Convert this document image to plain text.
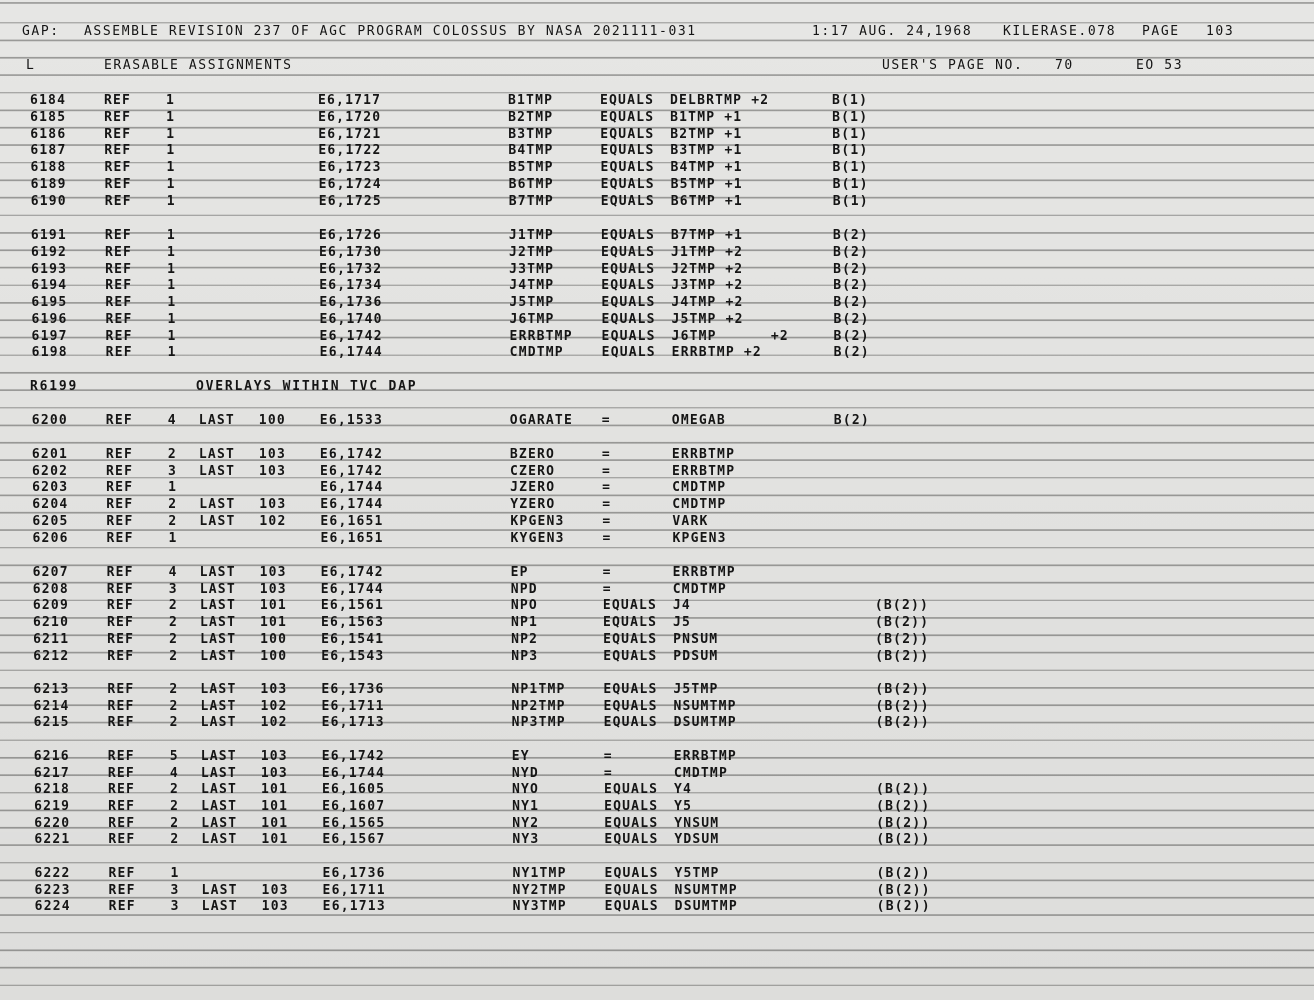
GAP:

ASSEMBLE REVISION 237 OF AGC PROGRAM COLOSSUS BY NASA 2021111-031

	1:17 AUG. 24,1968

KILERASE.078

PAGE

103

L

	ERASABLE ASSIGNMENTS

	USER'S PAGE NO.

70

	EO 53

R6199

	OVERLAYS WITHIN TVC DAP

6184	REF	1	E6,1717	B1TMP	EQUALS DELBRTMP +2	B(1)
6185	REF	1	E6,1720	B2TMP	EQUALS B1TMP +1	B(1)
6186	REF	1	E6,1721	B3TMP	EQUALS B2TMP +1	B(1)
6187	REF	1	E6,1722	B4TMP	EQUALS B3TMP +1	B(1)
6188	REF	1	E6,1723	B5TMP	EQUALS B4TMP +1	B(1)
6189	REF	1	E6,1724	B6TMP	EQUALS B5TMP +1	B(1)
6190	REF	1	E6,1725	B7TMP	EQUALS B6TMP +1	B(1)
6191	REF	1	E6,1726	J1TMP	EQUALS B7TMP +1	B(2)
6192	REF	1	E6,1730	J2TMP	EQUALS J1TMP +2	B(2)
6193	REF	1	E6,1732	J3TMP	EQUALS J2TMP +2	B(2)
6194	REF	1	E6,1734	J4TMP	EQUALS J3TMP +2	B(2)
6195	REF	1	E6,1736	J5TMP	EQUALS J4TMP +2	B(2)
6196	REF	1	E6,1740	J6TMP	EQUALS J5TMP +2	B(2)
6197	REF	1	E6,1742	ERRBTMP EQUALS J6TMP      +2	B(2)
6198	REF	1	E6,1744	CMDTMP	EQUALS ERRBTMP +2	B(2)
6200	REF	4 LAST 100	E6,1533	OGARATE =	OMEGAB	B(2)
6201	REF	2 LAST 103	E6,1742	BZERO	=	ERRBTMP
6202	REF	3 LAST 103	E6,1742	CZERO	=	ERRBTMP
6203	REF	1	E6,1744	JZERO	=	CMDTMP
6204	REF	2 LAST 103	E6,1744	YZERO	=	CMDTMP
6205	REF	2 LAST 102	E6,1651	KPGEN3	=	VARK
6206	REF	1	E6,1651	KYGEN3	=	KPGEN3
6207	REF	4 LAST 103	E6,1742	EP	=	ERRBTMP
6208	REF	3 LAST 103	E6,1744	NPD	=	CMDTMP
6209	REF	2 LAST 101	E6,1561	NPO	EQUALS J4	(B(2))
6210	REF	2 LAST 101	E6,1563	NP1	EQUALS J5	(B(2))
6211	REF	2 LAST 100	E6,1541	NP2	EQUALS PNSUM	(B(2))
6212	REF	2 LAST 100	E6,1543	NP3	EQUALS PDSUM	(B(2))
6213	REF	2 LAST 103	E6,1736	NP1TMP	EQUALS J5TMP	(B(2))
6214	REF	2 LAST 102	E6,1711	NP2TMP	EQUALS NSUMTMP	(B(2))
6215	REF	2 LAST 102	E6,1713	NP3TMP	EQUALS DSUMTMP	(B(2))
6216	REF	5 LAST 103	E6,1742	EY	=	ERRBTMP
6217	REF	4 LAST 103	E6,1744	NYD	=	CMDTMP
6218	REF	2 LAST 101	E6,1605	NYO	EQUALS Y4	(B(2))
6219	REF	2 LAST 101	E6,1607	NY1	EQUALS Y5	(B(2))
6220	REF	2 LAST 101	E6,1565	NY2	EQUALS YNSUM	(B(2))
6221	REF	2 LAST 101	E6,1567	NY3	EQUALS YDSUM	(B(2))
6222	REF	1	E6,1736	NY1TMP	EQUALS Y5TMP	(B(2))
6223	REF	3 LAST 103	E6,1711	NY2TMP	EQUALS NSUMTMP	(B(2))
6224	REF	3 LAST 103	E6,1713	NY3TMP	EQUALS DSUMTMP	(B(2))
